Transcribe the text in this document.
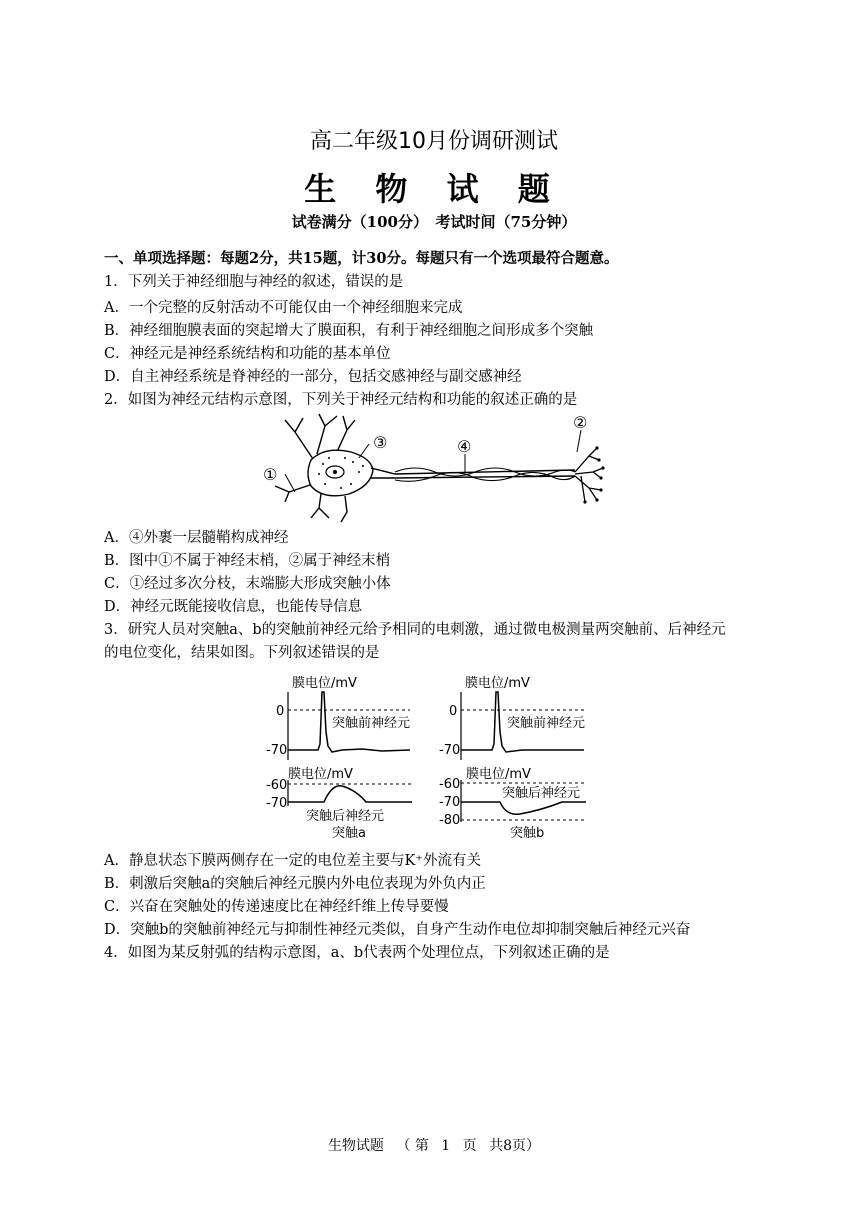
高二年级10月份调研测试
生 物 试 题
试卷满分（100分）　考试时间（75分钟）
一、单项选择题：每题2分，共15题，计30分。每题只有一个选项最符合题意。
1．下列关于神经细胞与神经的叙述，错误的是
A．一个完整的反射活动不可能仅由一个神经细胞来完成
B．神经细胞膜表面的突起增大了膜面积，有利于神经细胞之间形成多个突触
C．神经元是神经系统结构和功能的基本单位
D．自主神经系统是脊神经的一部分，包括交感神经与副交感神经
2．如图为神经元结构示意图，下列关于神经元结构和功能的叙述正确的是
①
③	④
②
A．④外裹一层髓鞘构成神经
B．图中①不属于神经末梢，②属于神经末梢
C．①经过多次分枝，末端膨大形成突触小体
D．神经元既能接收信息，也能传导信息
3．研究人员对突触a、b的突触前神经元给予相同的电刺激，通过微电极测量两突触前、后神经元
的电位变化，结果如图。下列叙述错误的是
膜电位/mV
0
-70
突触前神经元
膜电位/mV
0
-70
突触前神经元
膜电位/mV
-60
-70
突触后神经元
突触a
膜电位/mV
-60
-70
-80
突触后神经元
突触b
A．静息状态下膜两侧存在一定的电位差主要与K⁺外流有关
B．刺激后突触a的突触后神经元膜内外电位表现为外负内正
C．兴奋在突触处的传递速度比在神经纤维上传导要慢
D．突触b的突触前神经元与抑制性神经元类似，自身产生动作电位却抑制突触后神经元兴奋
4．如图为某反射弧的结构示意图，a、b代表两个处理位点，下列叙述正确的是
生物试题 （ 第 1 页 共8页）
